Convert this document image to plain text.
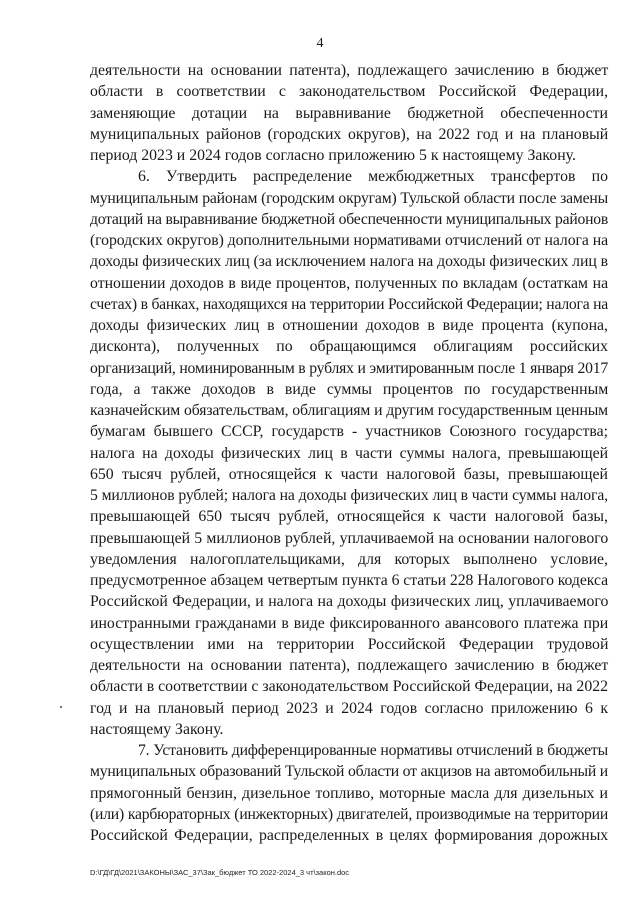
4
деятельности на основании патента), подлежащего зачислению в бюджет
области в соответствии с законодательством Российской Федерации,
заменяющие дотации на выравнивание бюджетной обеспеченности
муниципальных районов (городских округов), на 2022 год и на плановый
период 2023 и 2024 годов согласно приложению 5 к настоящему Закону.
6. Утвердить распределение межбюджетных трансфертов по
муниципальным районам (городским округам) Тульской области после замены
дотаций на выравнивание бюджетной обеспеченности муниципальных районов
(городских округов) дополнительными нормативами отчислений от налога на
доходы физических лиц (за исключением налога на доходы физических лиц в
отношении доходов в виде процентов, полученных по вкладам (остаткам на
счетах) в банках, находящихся на территории Российской Федерации; налога на
доходы физических лиц в отношении доходов в виде процента (купона,
дисконта), полученных по обращающимся облигациям российских
организаций, номинированным в рублях и эмитированным после 1 января 2017
года, а также доходов в виде суммы процентов по государственным
казначейским обязательствам, облигациям и другим государственным ценным
бумагам бывшего СССР, государств - участников Союзного государства;
налога на доходы физических лиц в части суммы налога, превышающей
650 тысяч рублей, относящейся к части налоговой базы, превышающей
5 миллионов рублей; налога на доходы физических лиц в части суммы налога,
превышающей 650 тысяч рублей, относящейся к части налоговой базы,
превышающей 5 миллионов рублей, уплачиваемой на основании налогового
уведомления налогоплательщиками, для которых выполнено условие,
предусмотренное абзацем четвертым пункта 6 статьи 228 Налогового кодекса
Российской Федерации, и налога на доходы физических лиц, уплачиваемого
иностранными гражданами в виде фиксированного авансового платежа при
осуществлении ими на территории Российской Федерации трудовой
деятельности на основании патента), подлежащего зачислению в бюджет
области в соответствии с законодательством Российской Федерации, на 2022
год и на плановый период 2023 и 2024 годов согласно приложению 6 к
настоящему Закону.
7. Установить дифференцированные нормативы отчислений в бюджеты
муниципальных образований Тульской области от акцизов на автомобильный и
прямогонный бензин, дизельное топливо, моторные масла для дизельных и
(или) карбюраторных (инжекторных) двигателей, производимые на территории
Российской Федерации, распределенных в целях формирования дорожных
D:\ГД\ГД\2021\ЗАКОНЫ\ЗАС_37\Зак_бюджет ТО 2022-2024_3 чт\закон.doc
